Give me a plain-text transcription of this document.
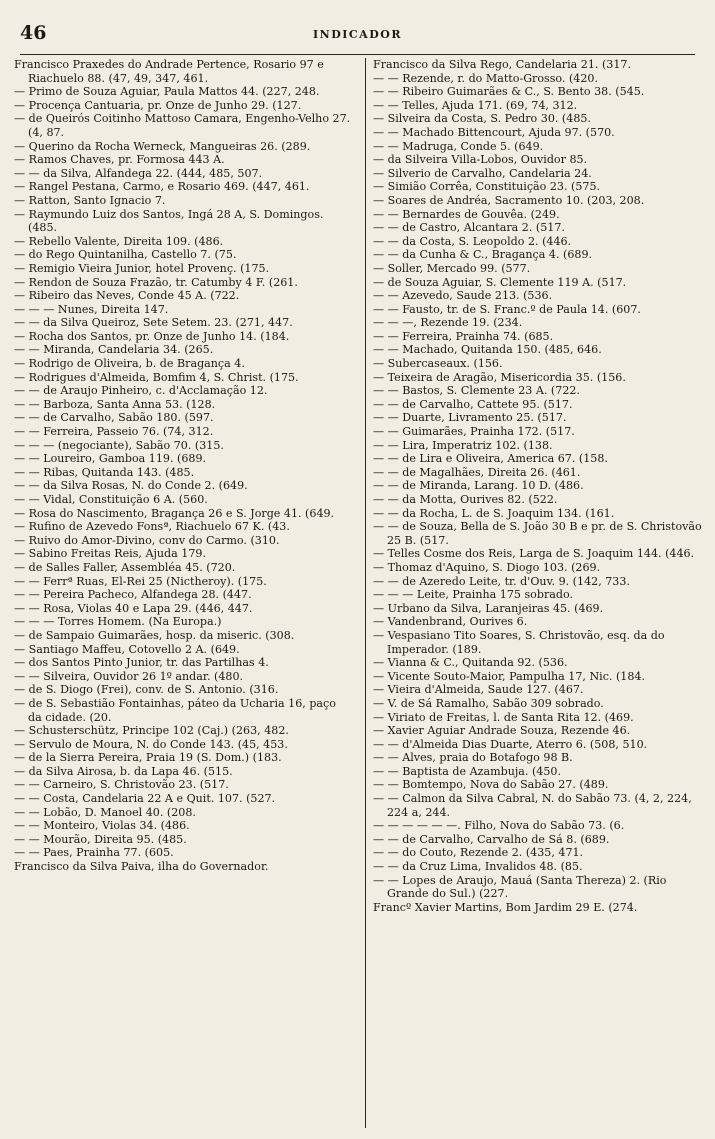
46	INDICADOR
Francisco Praxedes do Andrade Pertence, Rosario 97 e Riachuelo 88. (47, 49, 347, 461.
— Primo de Souza Aguiar, Paula Mattos 44. (227, 248.
— Procença Cantuaria, pr. Onze de Junho 29. (127.
— de Queirós Coitinho Mattoso Camara, Engenho-Velho 27. (4, 87.
— Querino da Rocha Werneck, Mangueiras 26. (289.
— Ramos Chaves, pr. Formosa 443 A.
— — da Silva, Alfandega 22. (444, 485, 507.
— Rangel Pestana, Carmo, e Rosario 469. (447, 461.
— Ratton, Santo Ignacio 7.
— Raymundo Luiz dos Santos, Ingá 28 A, S. Domingos. (485.
— Rebello Valente, Direita 109. (486.
— do Rego Quintanilha, Castello 7. (75.
— Remigio Vieira Junior, hotel Provenç. (175.
— Rendon de Souza Frazão, tr. Catumby 4 F. (261.
— Ribeiro das Neves, Conde 45 A. (722.
— — — Nunes, Direita 147.
— — da Silva Queiroz, Sete Setem. 23. (271, 447.
— Rocha dos Santos, pr. Onze de Junho 14. (184.
— — Miranda, Candelaria 34. (265.
— Rodrigo de Oliveira, b. de Bragança 4.
— Rodrigues d'Almeida, Bomfim 4, S. Christ. (175.
— — de Araujo Pinheiro, c. d'Acclamação 12.
— — Barboza, Santa Anna 53. (128.
— — de Carvalho, Sabão 180. (597.
— — Ferreira, Passeio 76. (74, 312.
— — — (negociante), Sabão 70. (315.
— — Loureiro, Gamboa 119. (689.
— — Ribas, Quitanda 143. (485.
— — da Silva Rosas, N. do Conde 2. (649.
— — Vidal, Constituição 6 A. (560.
— Rosa do Nascimento, Bragança 26 e S. Jorge 41. (649.
— Rufino de Azevedo Fonsª, Riachuelo 67 K. (43.
— Ruivo do Amor-Divino, conv do Carmo. (310.
— Sabino Freitas Reis, Ajuda 179.
— de Salles Faller, Assembléa 45. (720.
— — Ferrª Ruas, El-Rei 25 (Nictheroy). (175.
— — Pereira Pacheco, Alfandega 28. (447.
— — Rosa, Violas 40 e Lapa 29. (446, 447.
— — — Torres Homem. (Na Europa.)
— de Sampaio Guimarães, hosp. da miseric. (308.
— Santiago Maffeu, Cotovello 2 A. (649.
— dos Santos Pinto Junior, tr. das Partilhas 4.
— — Silveira, Ouvidor 26 1º andar. (480.
— de S. Diogo (Frei), conv. de S. Antonio. (316.
— de S. Sebastião Fontainhas, páteo da Ucharia 16, paço da cidade. (20.
— Schusterschütz, Principe 102 (Caj.) (263, 482.
— Servulo de Moura, N. do Conde 143. (45, 453.
— de la Sierra Pereira, Praia 19 (S. Dom.) (183.
— da Silva Airosa, b. da Lapa 46. (515.
— — Carneiro, S. Christovão 23. (517.
— — Costa, Candelaria 22 A e Quit. 107. (527.
— — Lobão, D. Manoel 40. (208.
— — Monteiro, Violas 34. (486.
— — Mourão, Direita 95. (485.
— — Paes, Prainha 77. (605.
Francisco da Silva Paiva, ilha do Governador.
Francisco da Silva Rego, Candelaria 21. (317.
— — Rezende, r. do Matto-Grosso. (420.
— — Ribeiro Guimarães & C., S. Bento 38. (545.
— — Telles, Ajuda 171. (69, 74, 312.
— Silveira da Costa, S. Pedro 30. (485.
— — Machado Bittencourt, Ajuda 97. (570.
— — Madruga, Conde 5. (649.
— da Silveira Villa-Lobos, Ouvidor 85.
— Silverio de Carvalho, Candelaria 24.
— Simião Corrêa, Constituição 23. (575.
— Soares de Andréa, Sacramento 10. (203, 208.
— — Bernardes de Gouvêa. (249.
— — de Castro, Alcantara 2. (517.
— — da Costa, S. Leopoldo 2. (446.
— — da Cunha & C., Bragança 4. (689.
— Soller, Mercado 99. (577.
— de Souza Aguiar, S. Clemente 119 A. (517.
— — Azevedo, Saude 213. (536.
— — Fausto, tr. de S. Franc.º de Paula 14. (607.
— — —, Rezende 19. (234.
— — Ferreira, Prainha 74. (685.
— — Machado, Quitanda 150. (485, 646.
— Subercaseaux. (156.
— Teixeira de Aragão, Misericordia 35. (156.
— — Bastos, S. Clemente 23 A. (722.
— — de Carvalho, Cattete 95. (517.
— — Duarte, Livramento 25. (517.
— — Guimarães, Prainha 172. (517.
— — Lira, Imperatriz 102. (138.
— — de Lira e Oliveira, America 67. (158.
— — de Magalhães, Direita 26. (461.
— — de Miranda, Larang. 10 D. (486.
— — da Motta, Ourives 82. (522.
— — da Rocha, L. de S. Joaquim 134. (161.
— — de Souza, Bella de S. João 30 B e pr. de S. Christovão 25 B. (517.
— Telles Cosme dos Reis, Larga de S. Joaquim 144. (446.
— Thomaz d'Aquino, S. Diogo 103. (269.
— — de Azeredo Leite, tr. d'Ouv. 9. (142, 733.
— — — Leite, Prainha 175 sobrado.
— Urbano da Silva, Laranjeiras 45. (469.
— Vandenbrand, Ourives 6.
— Vespasiano Tito Soares, S. Christovão, esq. da do Imperador. (189.
— Vianna & C., Quitanda 92. (536.
— Vicente Souto-Maior, Pampulha 17, Nic. (184.
— Vieira d'Almeida, Saude 127. (467.
— V. de Sá Ramalho, Sabão 309 sobrado.
— Viriato de Freitas, l. de Santa Rita 12. (469.
— Xavier Aguiar Andrade Souza, Rezende 46.
— — d'Almeida Dias Duarte, Aterro 6. (508, 510.
— — Alves, praia do Botafogo 98 B.
— — Baptista de Azambuja. (450.
— — Bomtempo, Nova do Sabão 27. (489.
— — Calmon da Silva Cabral, N. do Sabão 73. (4, 2, 224, 224 a, 244.
— — — — — —. Filho, Nova do Sabão 73. (6.
— — de Carvalho, Carvalho de Sá 8. (689.
— — do Couto, Rezende 2. (435, 471.
— — da Cruz Lima, Invalidos 48. (85.
— — Lopes de Araujo, Mauá (Santa Thereza) 2. (Rio Grande do Sul.) (227.
Francº Xavier Martins, Bom Jardim 29 E. (274.
